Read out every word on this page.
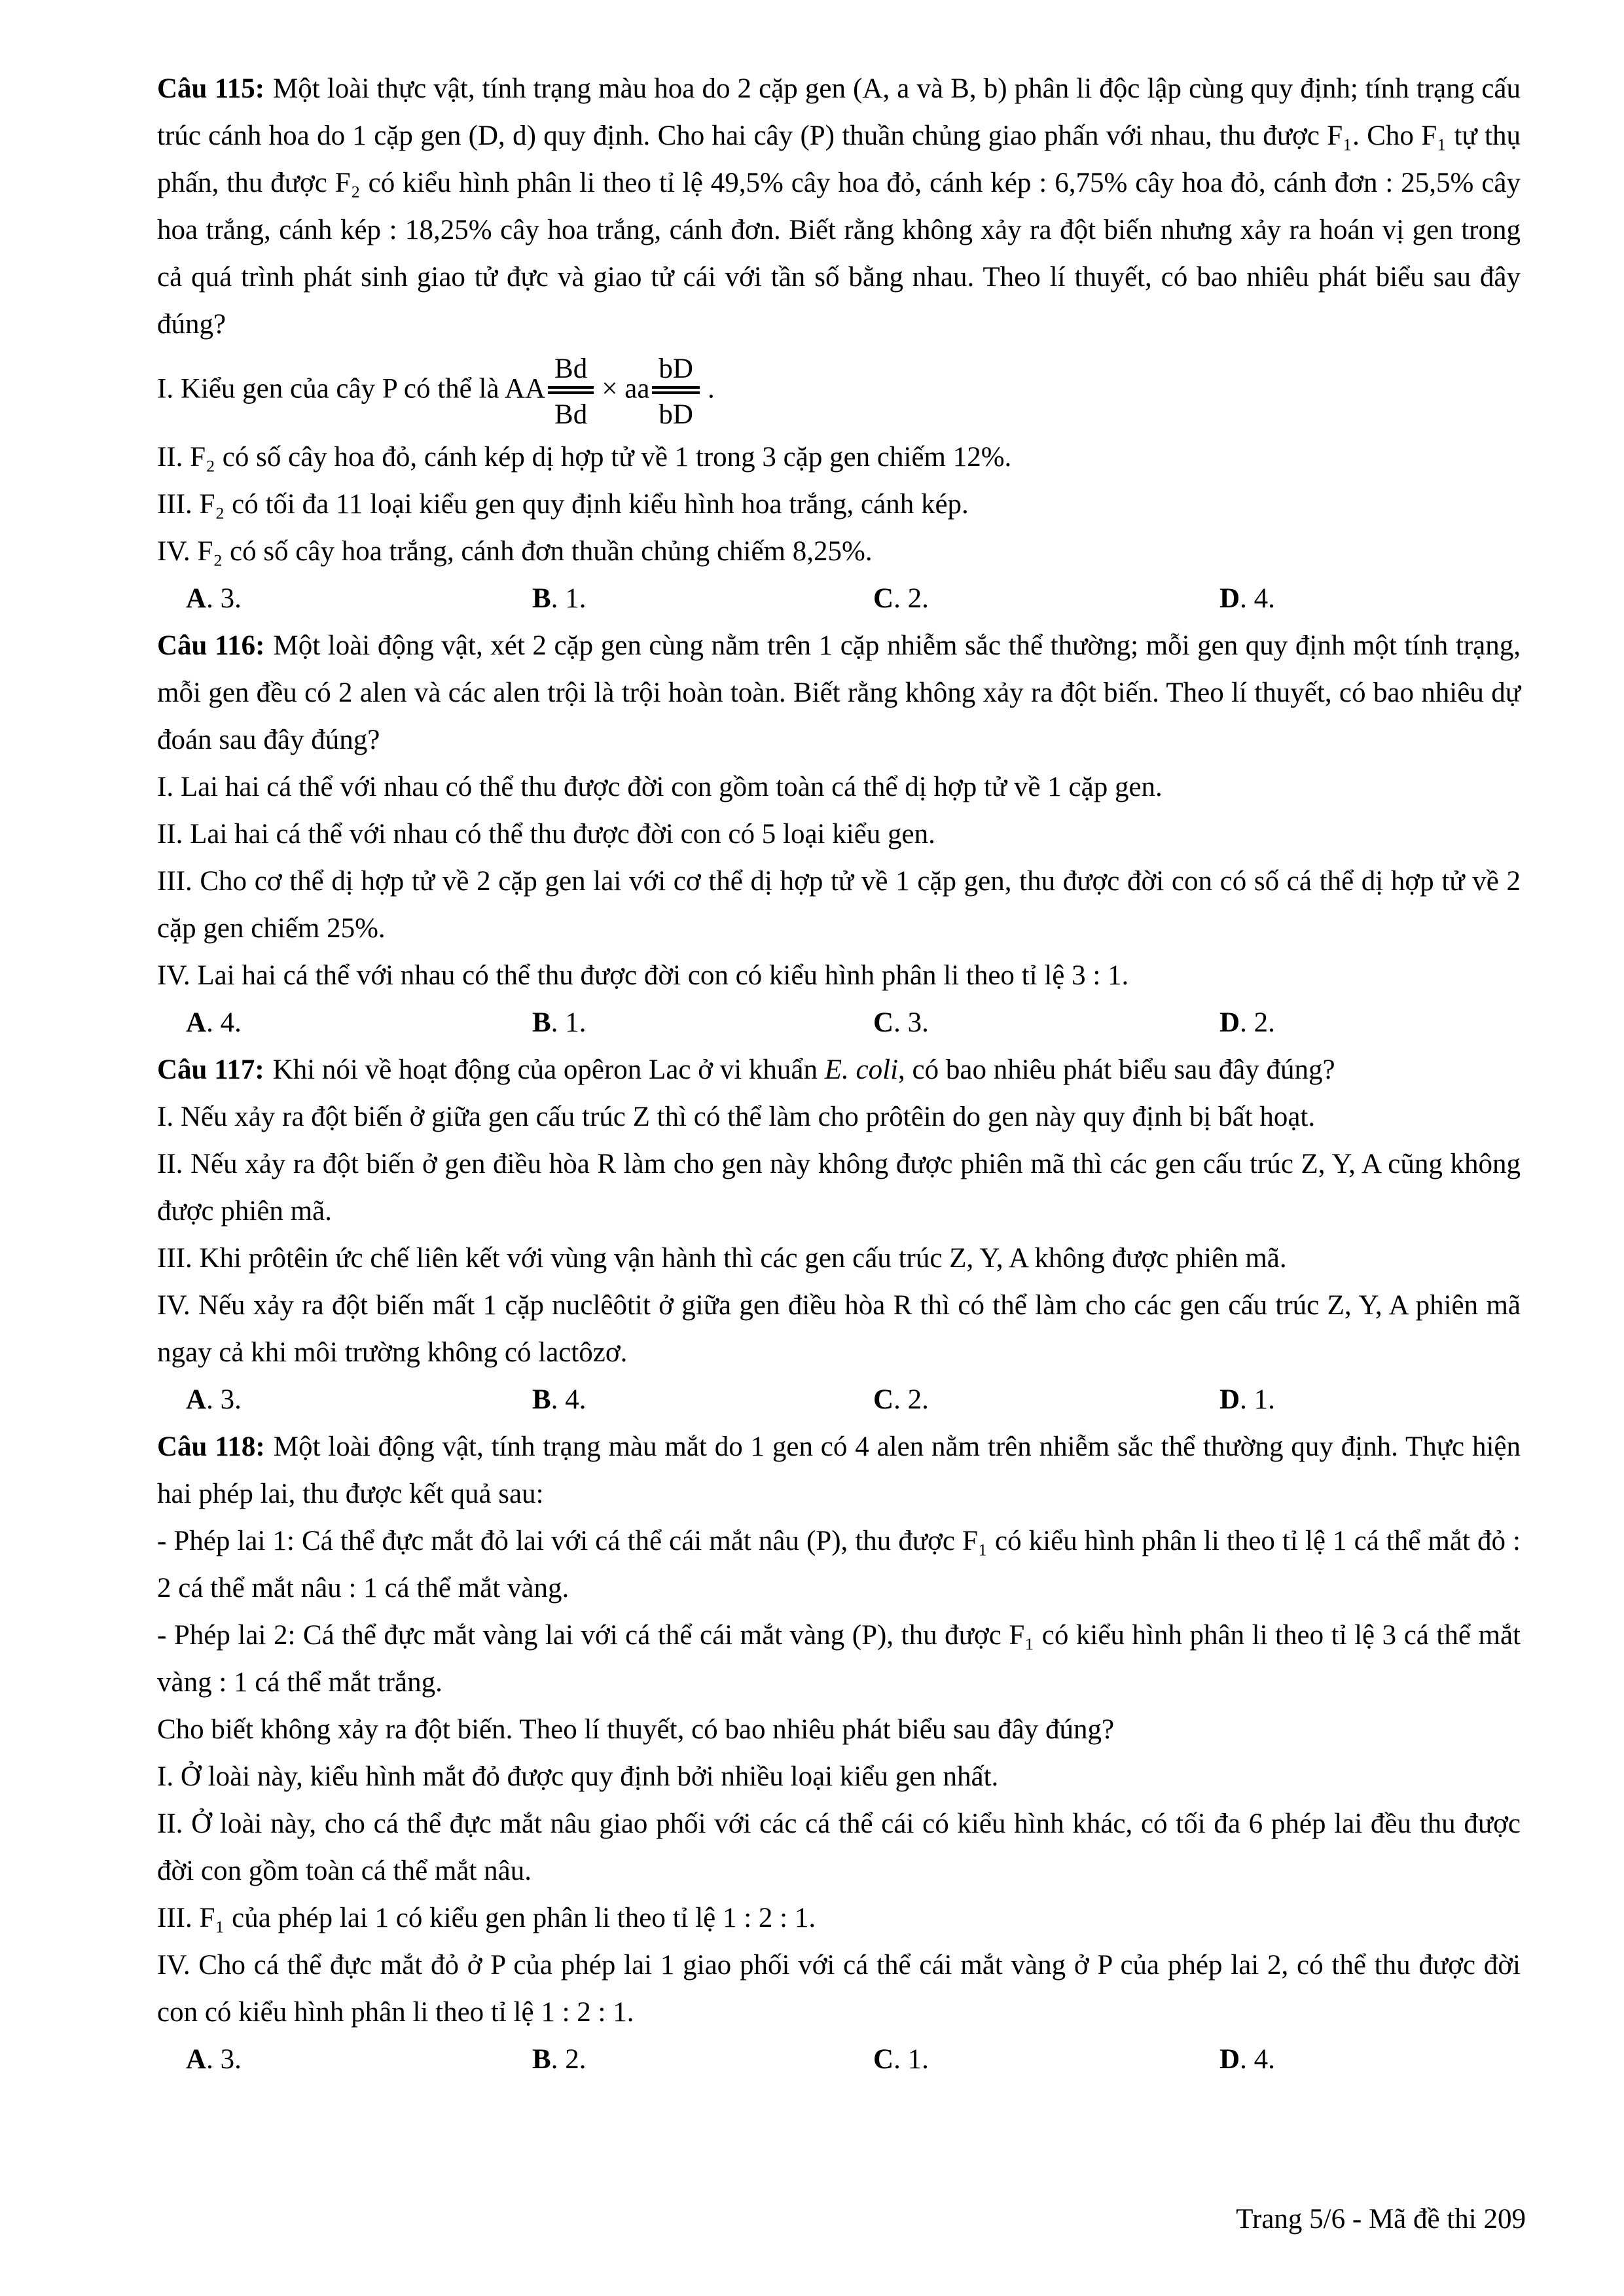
Câu 115: Một loài thực vật, tính trạng màu hoa do 2 cặp gen (A, a và B, b) phân li độc lập cùng quy định; tính trạng cấu trúc cánh hoa do 1 cặp gen (D, d) quy định. Cho hai cây (P) thuần chủng giao phấn với nhau, thu được F₁. Cho F₁ tự thụ phấn, thu được F₂ có kiểu hình phân li theo tỉ lệ 49,5% cây hoa đỏ, cánh kép : 6,75% cây hoa đỏ, cánh đơn : 25,5% cây hoa trắng, cánh kép : 18,25% cây hoa trắng, cánh đơn. Biết rằng không xảy ra đột biến nhưng xảy ra hoán vị gen trong cả quá trình phát sinh giao tử đực và giao tử cái với tần số bằng nhau. Theo lí thuyết, có bao nhiêu phát biểu sau đây đúng?

I. Kiểu gen của cây P có thể là AA $\frac{Bd}{Bd}$ × aa $\frac{bD}{bD}$ .

II. F₂ có số cây hoa đỏ, cánh kép dị hợp tử về 1 trong 3 cặp gen chiếm 12%.

III. F₂ có tối đa 11 loại kiểu gen quy định kiểu hình hoa trắng, cánh kép.

IV. F₂ có số cây hoa trắng, cánh đơn thuần chủng chiếm 8,25%.

A. 3.	B. 1.	C. 2.	D. 4.

Câu 116: Một loài động vật, xét 2 cặp gen cùng nằm trên 1 cặp nhiễm sắc thể thường; mỗi gen quy định một tính trạng, mỗi gen đều có 2 alen và các alen trội là trội hoàn toàn. Biết rằng không xảy ra đột biến. Theo lí thuyết, có bao nhiêu dự đoán sau đây đúng?

I. Lai hai cá thể với nhau có thể thu được đời con gồm toàn cá thể dị hợp tử về 1 cặp gen.

II. Lai hai cá thể với nhau có thể thu được đời con có 5 loại kiểu gen.

III. Cho cơ thể dị hợp tử về 2 cặp gen lai với cơ thể dị hợp tử về 1 cặp gen, thu được đời con có số cá thể dị hợp tử về 2 cặp gen chiếm 25%.

IV. Lai hai cá thể với nhau có thể thu được đời con có kiểu hình phân li theo tỉ lệ 3 : 1.

A. 4.	B. 1.	C. 3.	D. 2.

Câu 117: Khi nói về hoạt động của opêron Lac ở vi khuẩn E. coli, có bao nhiêu phát biểu sau đây đúng?

I. Nếu xảy ra đột biến ở giữa gen cấu trúc Z thì có thể làm cho prôtêin do gen này quy định bị bất hoạt.

II. Nếu xảy ra đột biến ở gen điều hòa R làm cho gen này không được phiên mã thì các gen cấu trúc Z, Y, A cũng không được phiên mã.

III. Khi prôtêin ức chế liên kết với vùng vận hành thì các gen cấu trúc Z, Y, A không được phiên mã.

IV. Nếu xảy ra đột biến mất 1 cặp nuclêôtit ở giữa gen điều hòa R thì có thể làm cho các gen cấu trúc Z, Y, A phiên mã ngay cả khi môi trường không có lactôzơ.

A. 3.	B. 4.	C. 2.	D. 1.

Câu 118: Một loài động vật, tính trạng màu mắt do 1 gen có 4 alen nằm trên nhiễm sắc thể thường quy định. Thực hiện hai phép lai, thu được kết quả sau:

- Phép lai 1: Cá thể đực mắt đỏ lai với cá thể cái mắt nâu (P), thu được F₁ có kiểu hình phân li theo tỉ lệ 1 cá thể mắt đỏ : 2 cá thể mắt nâu : 1 cá thể mắt vàng.

- Phép lai 2: Cá thể đực mắt vàng lai với cá thể cái mắt vàng (P), thu được F₁ có kiểu hình phân li theo tỉ lệ 3 cá thể mắt vàng : 1 cá thể mắt trắng.

Cho biết không xảy ra đột biến. Theo lí thuyết, có bao nhiêu phát biểu sau đây đúng?

I. Ở loài này, kiểu hình mắt đỏ được quy định bởi nhiều loại kiểu gen nhất.

II. Ở loài này, cho cá thể đực mắt nâu giao phối với các cá thể cái có kiểu hình khác, có tối đa 6 phép lai đều thu được đời con gồm toàn cá thể mắt nâu.

III. F₁ của phép lai 1 có kiểu gen phân li theo tỉ lệ 1 : 2 : 1.

IV. Cho cá thể đực mắt đỏ ở P của phép lai 1 giao phối với cá thể cái mắt vàng ở P của phép lai 2, có thể thu được đời con có kiểu hình phân li theo tỉ lệ 1 : 2 : 1.

A. 3.	B. 2.	C. 1.	D. 4.
Trang 5/6 - Mã đề thi 209
